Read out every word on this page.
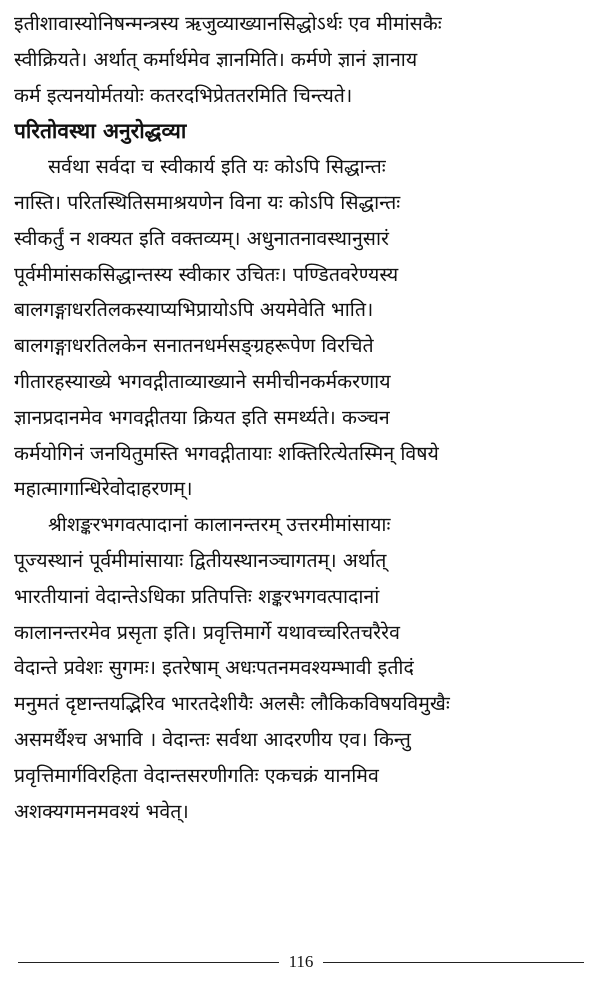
इतीशावास्योनिषन्मन्त्रस्य ऋजुव्याख्यानसिद्धोऽर्थः एव मीमांसकैः
स्वीक्रियते। अर्थात् कर्मार्थमेव ज्ञानमिति। कर्मणे ज्ञानं ज्ञानाय
कर्म इत्यनयोर्मतयोः कतरदभिप्रेततरमिति चिन्त्यते।
परितोवस्था अनुरोद्धव्या
सर्वथा सर्वदा च स्वीकार्य इति यः कोऽपि सिद्धान्तः
नास्ति। परितस्थितिसमाश्रयणेन विना यः कोऽपि सिद्धान्तः
स्वीकर्तुं न शक्यत इति वक्तव्यम्। अधुनातनावस्थानुसारं
पूर्वमीमांसकसिद्धान्तस्य स्वीकार उचितः। पण्डितवरेण्यस्य
बालगङ्गाधरतिलकस्याप्यभिप्रायोऽपि अयमेवेति भाति।
बालगङ्गाधरतिलकेन सनातनधर्मसङ्ग्रहरूपेण विरचिते
गीतारहस्याख्ये भगवद्गीताव्याख्याने समीचीनकर्मकरणाय
ज्ञानप्रदानमेव भगवद्गीतया क्रियत इति समर्थ्यते। कञ्चन
कर्मयोगिनं जनयितुमस्ति भगवद्गीतायाः शक्तिरित्येतस्मिन् विषये
महात्मागान्धिरेवोदाहरणम्।
श्रीशङ्करभगवत्पादानां कालानन्तरम् उत्तरमीमांसायाः
पूज्यस्थानं पूर्वमीमांसायाः द्वितीयस्थानञ्चागतम्। अर्थात्
भारतीयानां वेदान्तेऽधिका प्रतिपत्तिः शङ्करभगवत्पादानां
कालानन्तरमेव प्रसृता इति। प्रवृत्तिमार्गे यथावच्चरितचरैरेव
वेदान्ते प्रवेशः सुगमः। इतरेषाम् अधःपतनमवश्यम्भावी इतीदं
मनुमतं दृष्टान्तयद्भिरिव भारतदेशीयैः अलसैः लौकिकविषयविमुखैः
असमर्थैश्च अभावि । वेदान्तः सर्वथा आदरणीय एव। किन्तु
प्रवृत्तिमार्गविरहिता वेदान्तसरणीगतिः एकचक्रं यानमिव
अशक्यगमनमवश्यं भवेत्।
116
